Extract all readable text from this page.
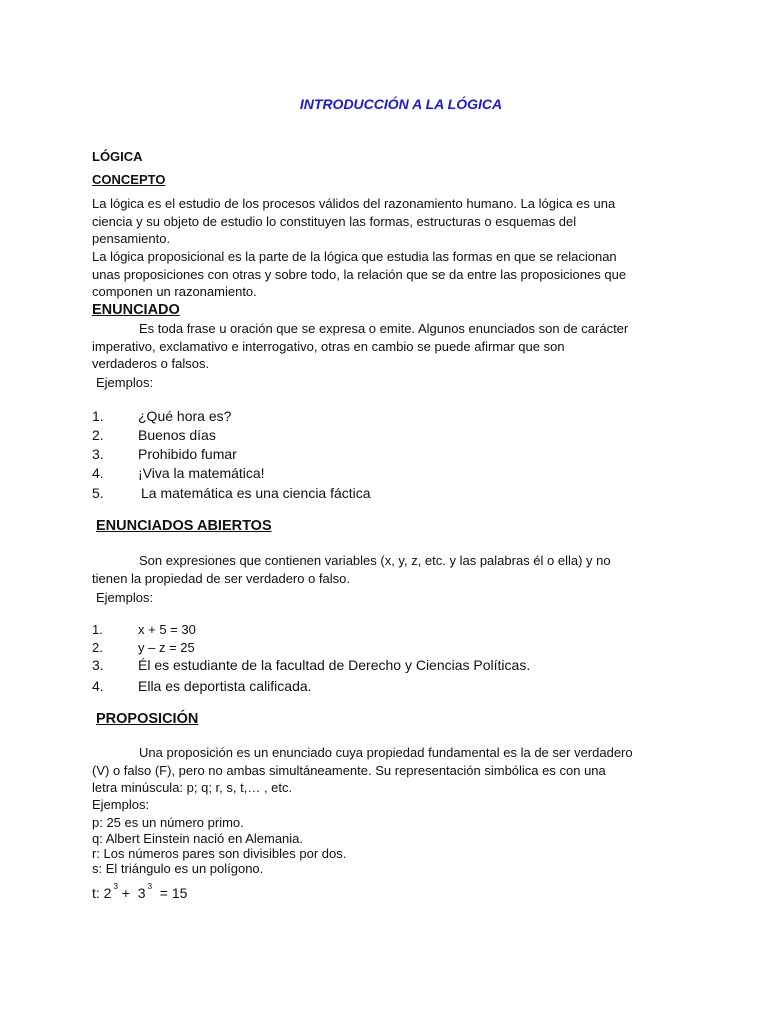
INTRODUCCIÓN A LA LÓGICA
LÓGICA
CONCEPTO

La lógica es el estudio de los procesos válidos del razonamiento humano. La lógica es una

ciencia y su objeto de estudio lo constituyen las formas, estructuras o esquemas del

pensamiento.

La lógica proposicional es la parte de la lógica que estudia las formas en que se relacionan

unas proposiciones con otras y sobre todo, la relación que se da entre las proposiciones que

componen un razonamiento.

ENUNCIADO

Es toda frase u oración que se expresa o emite. Algunos enunciados son de carácter

imperativo, exclamativo e interrogativo, otras en cambio se puede afirmar que son

verdaderos o falsos.

Ejemplos:
1. ¿Qué hora es?
2. Buenos días
3. Prohibido fumar
4. ¡Viva la matemática!
5.	La matemática es una ciencia fáctica
ENUNCIADOS ABIERTOS

Son expresiones que contienen variables (x, y, z, etc. y las palabras él o ella) y no

tienen la propiedad de ser verdadero o falso.

Ejemplos:
1.	x + 5 = 30
2.	y – z = 25
3. Él es estudiante de la facultad de Derecho y Ciencias Políticas.
4. Ella es deportista calificada.
PROPOSICIÓN

Una proposición es un enunciado cuya propiedad fundamental es la de ser verdadero

(V) o falso (F), pero no ambas simultáneamente. Su representación simbólica es con una

letra minúscula: p; q; r, s, t,… , etc.

Ejemplos:
p: 25 es un número primo.
q: Albert Einstein nació en Alemania.
r: Los números pares son divisibles por dos.
s: El triángulo es un polígono.
t: 2 $^3$ +  3 $^3$  = 15
